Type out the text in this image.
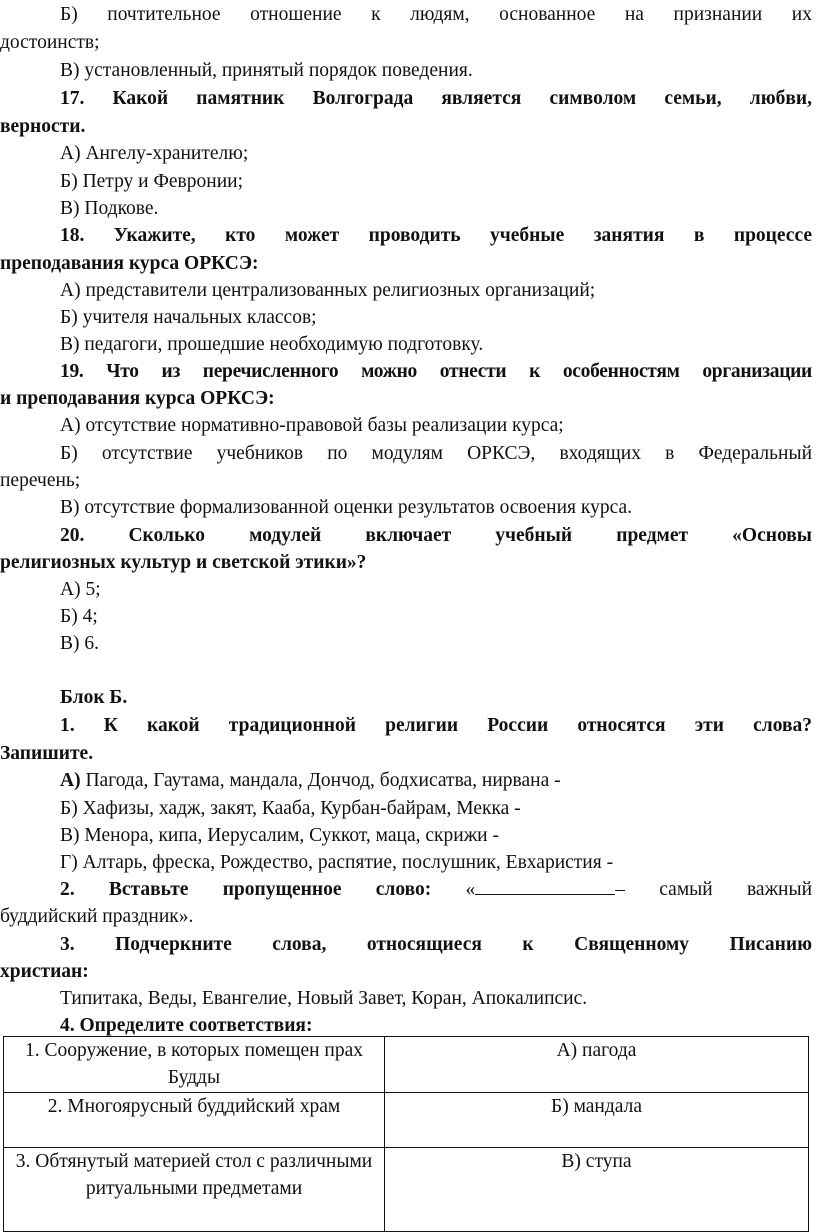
Б) почтительное отношение к людям, основанное на признании их
достоинств;
В) установленный, принятый порядок поведения.
17. Какой памятник Волгограда является символом семьи, любви,
верности.
А) Ангелу-хранителю;
Б) Петру и Февронии;
В) Подкове.
18. Укажите, кто может проводить учебные занятия в процессе
преподавания курса ОРКСЭ:
А) представители централизованных религиозных организаций;
Б) учителя начальных классов;
В) педагоги, прошедшие необходимую подготовку.
19. Что из перечисленного можно отнести к особенностям организации
и преподавания курса ОРКСЭ:
А) отсутствие нормативно-правовой базы реализации курса;
Б) отсутствие учебников по модулям ОРКСЭ, входящих в Федеральный
перечень;
В) отсутствие формализованной оценки результатов освоения курса.
20. Сколько модулей включает учебный предмет «Основы
религиозных культур и светской этики»?
А) 5;
Б) 4;
В) 6.
Блок Б.
1. К какой традиционной религии России относятся эти слова?
Запишите.
А) Пагода, Гаутама, мандала, Дончод, бодхисатва, нирвана -
Б) Хафизы, хадж, закят, Кааба, Курбан-байрам, Мекка -
В) Менора, кипа, Иерусалим, Суккот, маца, скрижи -
Г) Алтарь, фреска, Рождество, распятие, послушник, Евхаристия -
2. Вставьте пропущенное слово: «	– самый важный
буддийский праздник».
3. Подчеркните слова, относящиеся к Священному Писанию
христиан:
Типитака, Веды, Евангелие, Новый Завет, Коран, Апокалипсис.
4. Определите соответствия:
1. Сооружение, в которых помещен прах Будды	А) пагода
2. Многоярусный буддийский храм	Б) мандала
3. Обтянутый материей стол с различными ритуальными предметами	В) ступа
